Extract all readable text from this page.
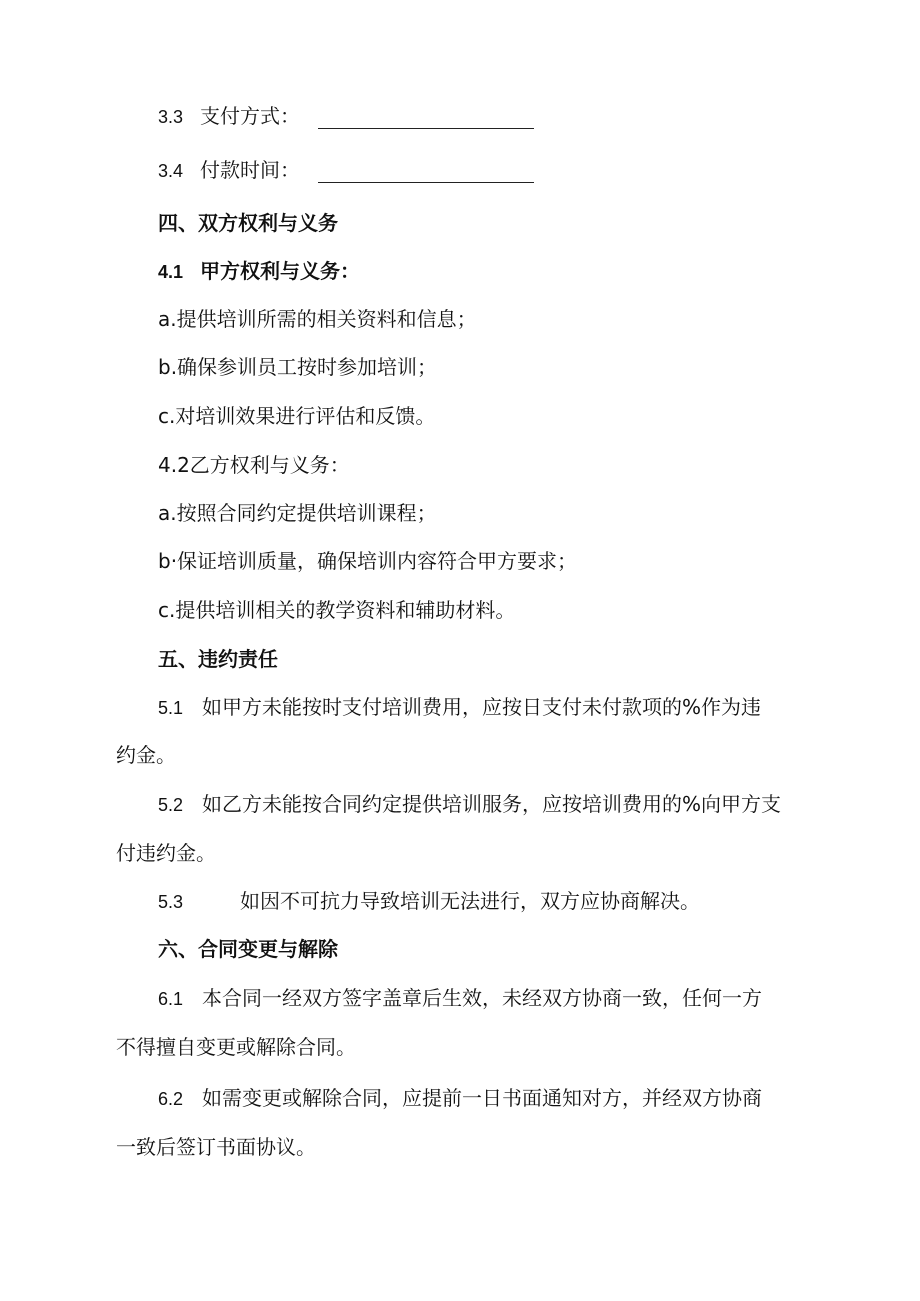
3.3 支付方式：
3.4 付款时间：
四、双方权利与义务
4.1 甲方权利与义务：
a.提供培训所需的相关资料和信息；
b.确保参训员工按时参加培训；
c.对培训效果进行评估和反馈。
4.2乙方权利与义务：
a.按照合同约定提供培训课程；
b·保证培训质量，确保培训内容符合甲方要求；
c.提供培训相关的教学资料和辅助材料。
五、违约责任
5.1 如甲方未能按时支付培训费用，应按日支付未付款项的%作为违
约金。
5.2 如乙方未能按合同约定提供培训服务，应按培训费用的%向甲方支
付违约金。
5.3	如因不可抗力导致培训无法进行，双方应协商解决。
六、合同变更与解除
6.1 本合同一经双方签字盖章后生效，未经双方协商一致，任何一方
不得擅自变更或解除合同。
6.2 如需变更或解除合同，应提前一日书面通知对方，并经双方协商
一致后签订书面协议。
